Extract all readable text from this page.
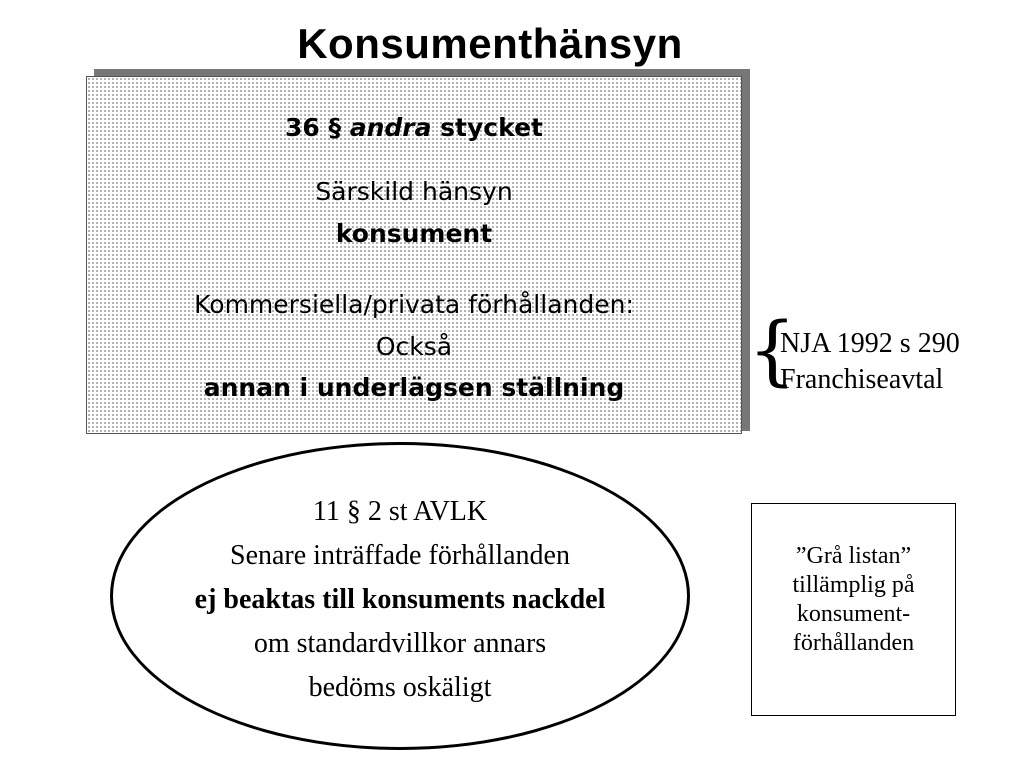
Konsumenthänsyn
36 § andra stycket
Särskild hänsyn
konsument
Kommersiella/privata förhållanden:
Också
annan i underlägsen ställning	{
NJA 1992 s 290
Franchiseavtal
11 § 2 st AVLK
Senare inträffade förhållanden
ej beaktas till konsuments nackdel
om standardvillkor annars
bedöms oskäligt
”Grå listan”
tillämplig på
konsument-
förhållanden
